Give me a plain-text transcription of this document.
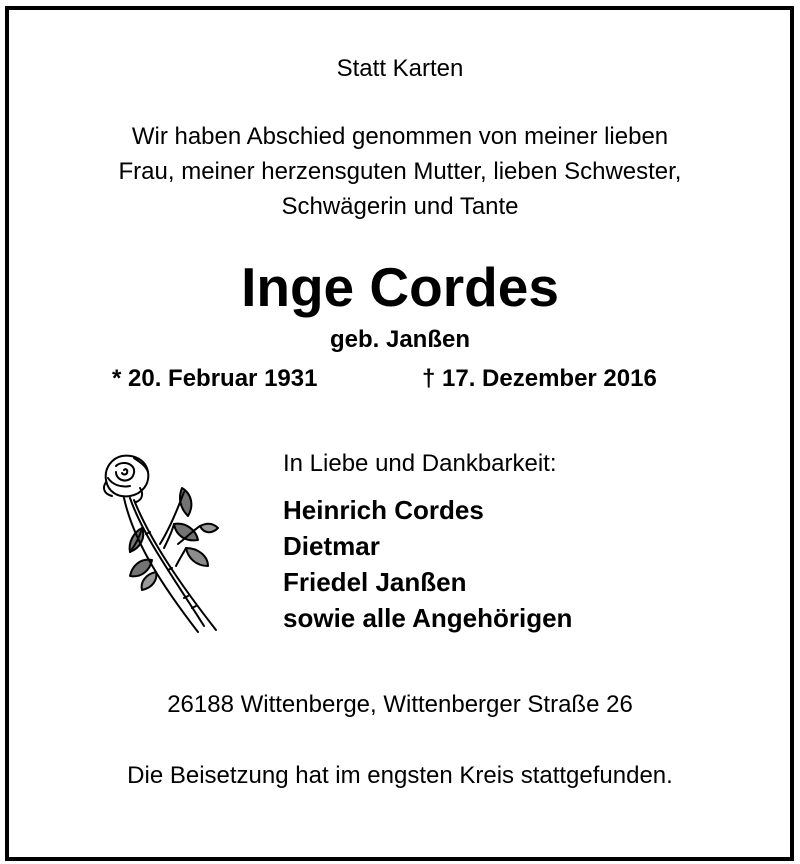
Statt Karten
Wir haben Abschied genommen von meiner lieben
Frau, meiner herzensguten Mutter, lieben Schwester,
Schwägerin und Tante
Inge Cordes
geb. Janßen
* 20. Februar 1931	† 17. Dezember 2016
In Liebe und Dankbarkeit:
Heinrich Cordes
Dietmar
Friedel Janßen
sowie alle Angehörigen
26188 Wittenberge, Wittenberger Straße 26
Die Beisetzung hat im engsten Kreis stattgefunden.
